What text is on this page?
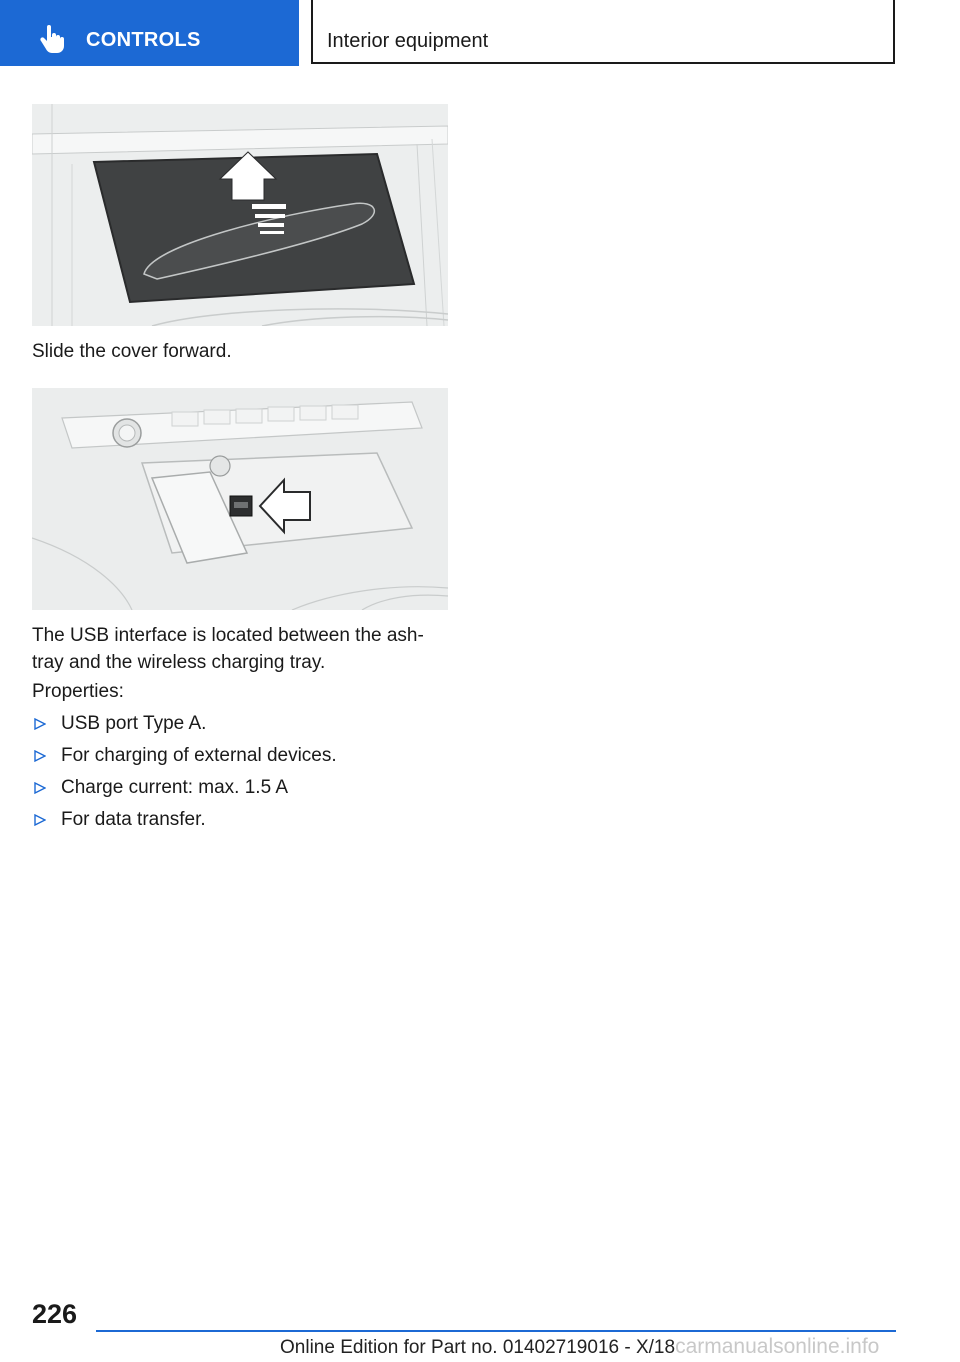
CONTROLS	Interior equipment
Slide the cover forward.
The USB interface is located between the ash-tray and the wireless charging tray.
Properties:
USB port Type A.
For charging of external devices.
Charge current: max. 1.5 A
For data transfer.
226
Online Edition for Part no. 01402719016 - X/18carmanualsonline.info
